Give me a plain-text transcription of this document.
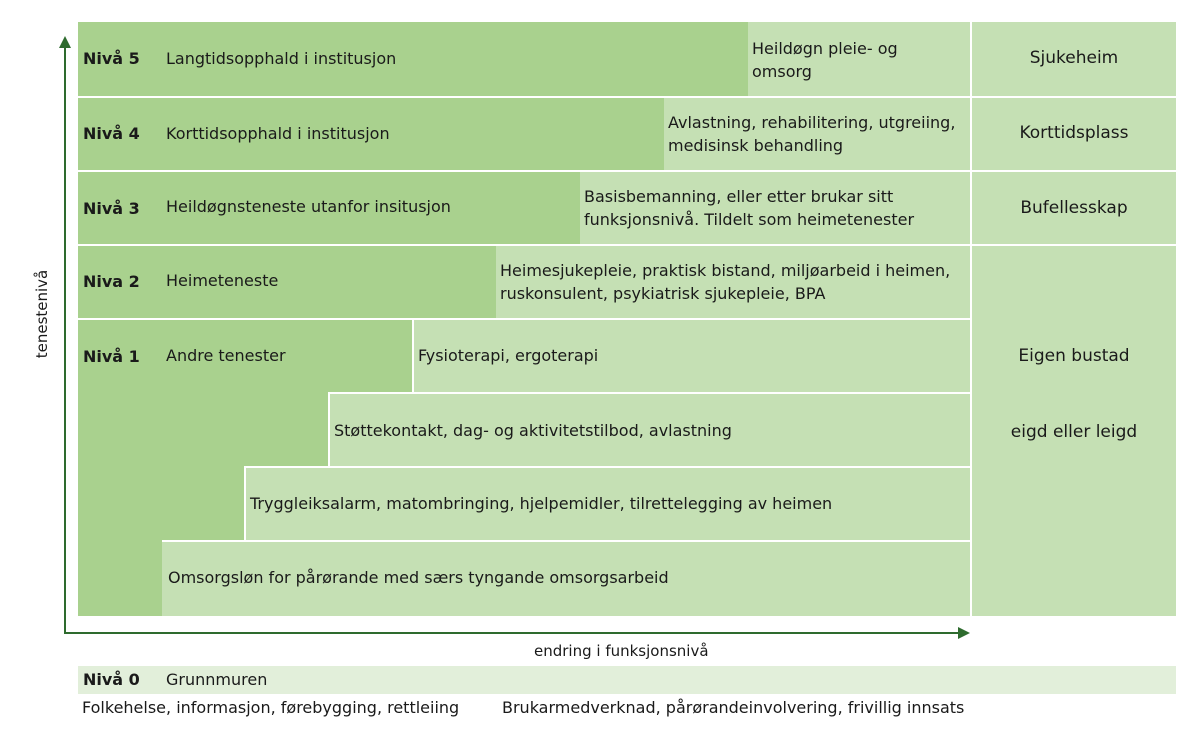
tenestenivå
endring i funksjonsnivå
Nivå 5 Langtidsopphald i institusjon
Heildøgn pleie- og omsorg
Sjukeheim
Nivå 4 Korttidsopphald i institusjon
Avlastning, rehabilitering, utgreiing, medisinsk behandling
Korttidsplass
Nivå 3 Heildøgnsteneste utanfor insitusjon
Basisbemanning, eller etter brukar sitt funksjonsnivå. Tildelt som heimetenester
Bufellesskap
Niva 2 Heimeteneste
Heimesjukepleie, praktisk bistand, miljøarbeid i heimen, ruskonsulent, psykiatrisk sjukepleie, BPA
Eigen bustad
eigd eller leigd
Nivå 1 Andre tenester	Fysioterapi, ergoterapi
Støttekontakt, dag- og aktivitetstilbod, avlastning
Tryggleiksalarm, matombringing, hjelpemidler, tilrettelegging av heimen
Omsorgsløn for pårørande med særs tyngande omsorgsarbeid
Nivå 0 Grunnmuren
Folkehelse, informasjon, førebygging, rettleiing	Brukarmedverknad, pårørandeinvolvering, frivillig innsats
